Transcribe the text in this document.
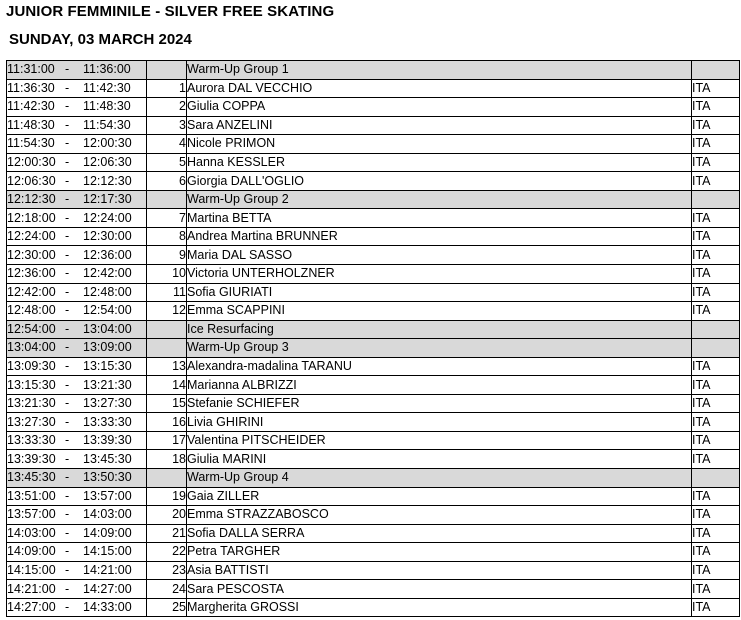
JUNIOR FEMMINILE - SILVER FREE SKATING
SUNDAY, 03 MARCH 2024
11:31:00 - 11:36:00		Warm-Up Group 1	
11:36:30 - 11:42:30	1	Aurora DAL VECCHIO	ITA
11:42:30 - 11:48:30	2	Giulia COPPA	ITA
11:48:30 - 11:54:30	3	Sara ANZELINI	ITA
11:54:30 - 12:00:30	4	Nicole PRIMON	ITA
12:00:30 - 12:06:30	5	Hanna KESSLER	ITA
12:06:30 - 12:12:30	6	Giorgia DALL'OGLIO	ITA
12:12:30 - 12:17:30		Warm-Up Group 2	
12:18:00 - 12:24:00	7	Martina BETTA	ITA
12:24:00 - 12:30:00	8	Andrea Martina BRUNNER	ITA
12:30:00 - 12:36:00	9	Maria DAL SASSO	ITA
12:36:00 - 12:42:00	10	Victoria UNTERHOLZNER	ITA
12:42:00 - 12:48:00	11	Sofia GIURIATI	ITA
12:48:00 - 12:54:00	12	Emma SCAPPINI	ITA
12:54:00 - 13:04:00		Ice Resurfacing	
13:04:00 - 13:09:00		Warm-Up Group 3	
13:09:30 - 13:15:30	13	Alexandra-madalina TARANU	ITA
13:15:30 - 13:21:30	14	Marianna ALBRIZZI	ITA
13:21:30 - 13:27:30	15	Stefanie SCHIEFER	ITA
13:27:30 - 13:33:30	16	Livia GHIRINI	ITA
13:33:30 - 13:39:30	17	Valentina PITSCHEIDER	ITA
13:39:30 - 13:45:30	18	Giulia MARINI	ITA
13:45:30 - 13:50:30		Warm-Up Group 4	
13:51:00 - 13:57:00	19	Gaia ZILLER	ITA
13:57:00 - 14:03:00	20	Emma STRAZZABOSCO	ITA
14:03:00 - 14:09:00	21	Sofia DALLA SERRA	ITA
14:09:00 - 14:15:00	22	Petra TARGHER	ITA
14:15:00 - 14:21:00	23	Asia BATTISTI	ITA
14:21:00 - 14:27:00	24	Sara PESCOSTA	ITA
14:27:00 - 14:33:00	25	Margherita GROSSI	ITA
